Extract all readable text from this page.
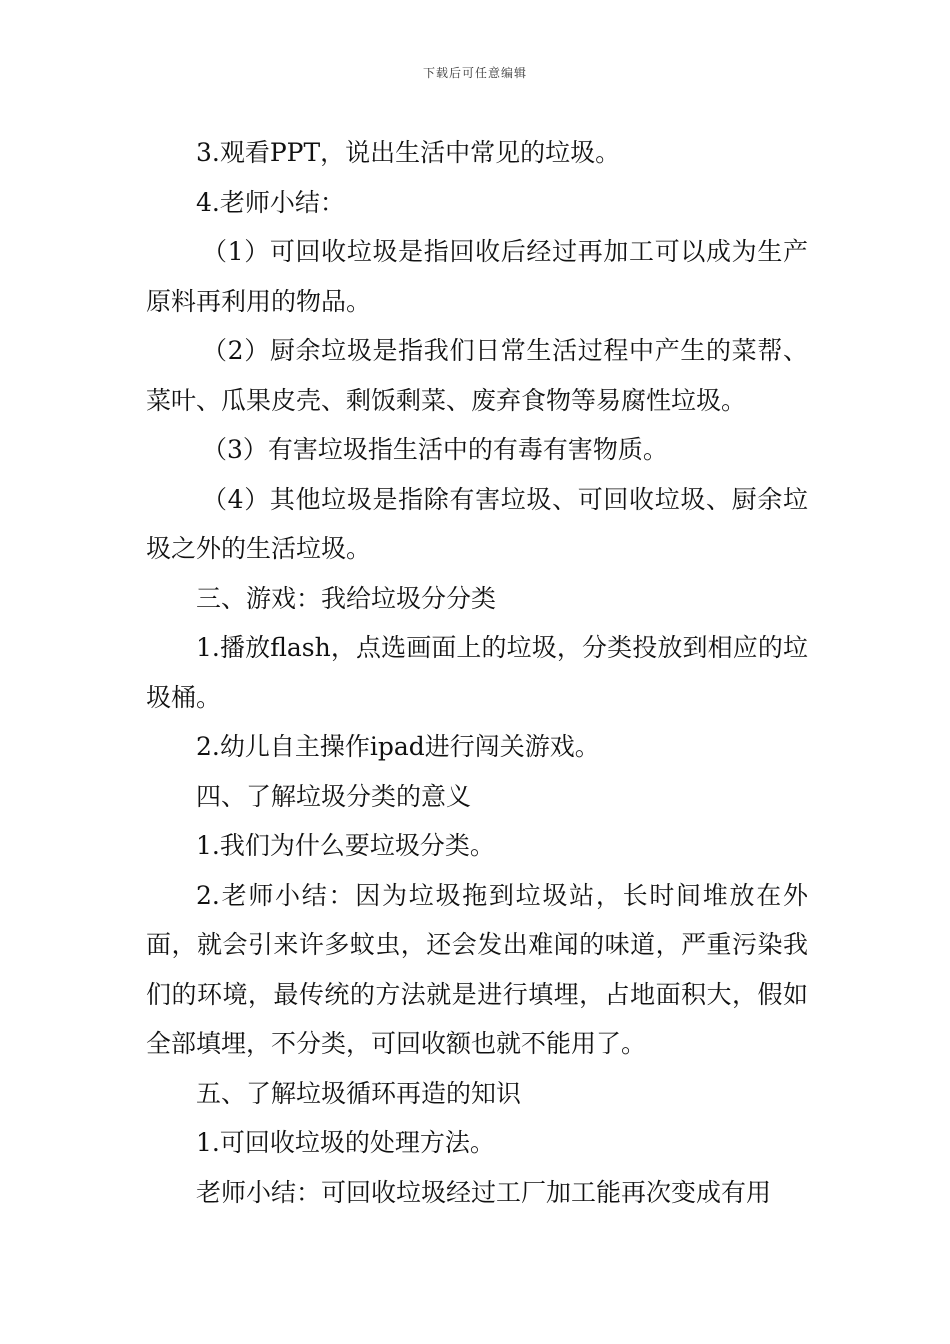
下载后可任意编辑

3.观看PPT，说出生活中常见的垃圾。

4.老师小结：

（1）可回收垃圾是指回收后经过再加工可以成为生产原料再利用的物品。

（2）厨余垃圾是指我们日常生活过程中产生的菜帮、菜叶、瓜果皮壳、剩饭剩菜、废弃食物等易腐性垃圾。

（3）有害垃圾指生活中的有毒有害物质。

（4）其他垃圾是指除有害垃圾、可回收垃圾、厨余垃圾之外的生活垃圾。

三、游戏：我给垃圾分分类

1.播放flash，点选画面上的垃圾，分类投放到相应的垃圾桶。

2.幼儿自主操作ipad进行闯关游戏。

四、了解垃圾分类的意义

1.我们为什么要垃圾分类。

2.老师小结：因为垃圾拖到垃圾站，长时间堆放在外面，就会引来许多蚊虫，还会发出难闻的味道，严重污染我们的环境，最传统的方法就是进行填埋，占地面积大，假如全部填埋，不分类，可回收额也就不能用了。

五、了解垃圾循环再造的知识

1.可回收垃圾的处理方法。

老师小结：可回收垃圾经过工厂加工能再次变成有用
